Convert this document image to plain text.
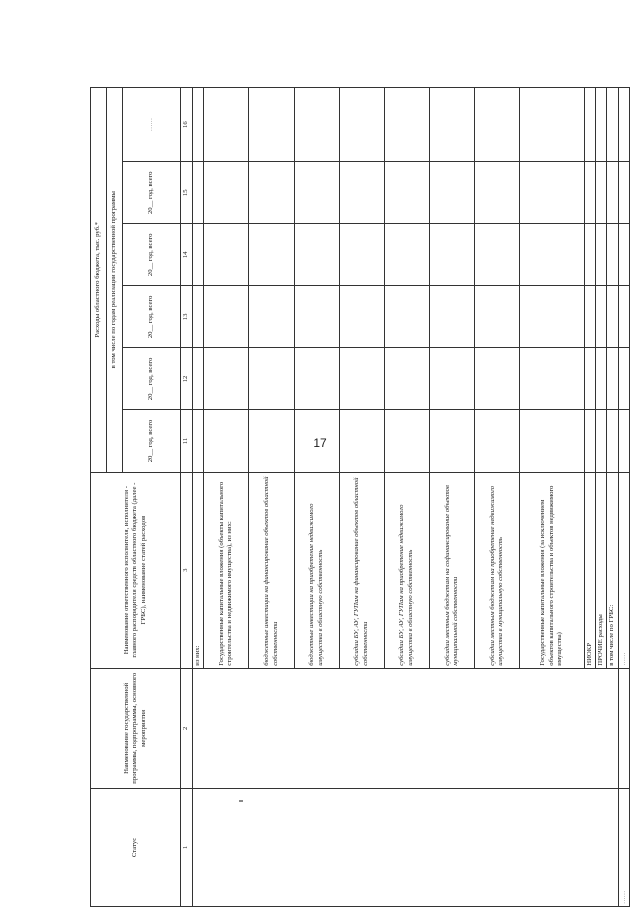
17
Статус	Наименование государственной программы, подпрограммы, основного мероприятия	Наименование ответственного исполнителя, исполнителя - главного распорядителя средств областного бюджета (далее - ГРБС), наименование статей расходов	Расходы областного бюджета, тыс. руб.*					
			в том числе по годам реализации государственной программы					
			20__ год, всего	20__ год, всего	20__ год, всего	20__ год, всего	20__ год, всего	……
1	2	3	11	12	13	14	15	16
		из них:						
		Государственные капитальные вложения (объекты капитального строительства и недвижимого имущества), из них:						
		бюджетные инвестиции на финансирование объектов областной собственности						
		бюджетные инвестиции на приобретение недвижимого имущества в областную собственность						
		субсидии БУ, АУ, ГУПам на финансирование объектов областной собственности						
		субсидии БУ, АУ, ГУПам на приобретение недвижимого имущества в областную собственность						
		субсидии местным бюджетам на софинансирование объектов муниципальной собственности						
		субсидии местным бюджетам на приобретение недвижимого имущества в муниципальную собственность						
		Государственные капитальные вложения (за исключением объектов капитального строительства и объектов недвижимого имущества)						
		НИОКР						
		ПРОЧИЕ расходы						
		в том числе по ГРБС:						
……		……						
